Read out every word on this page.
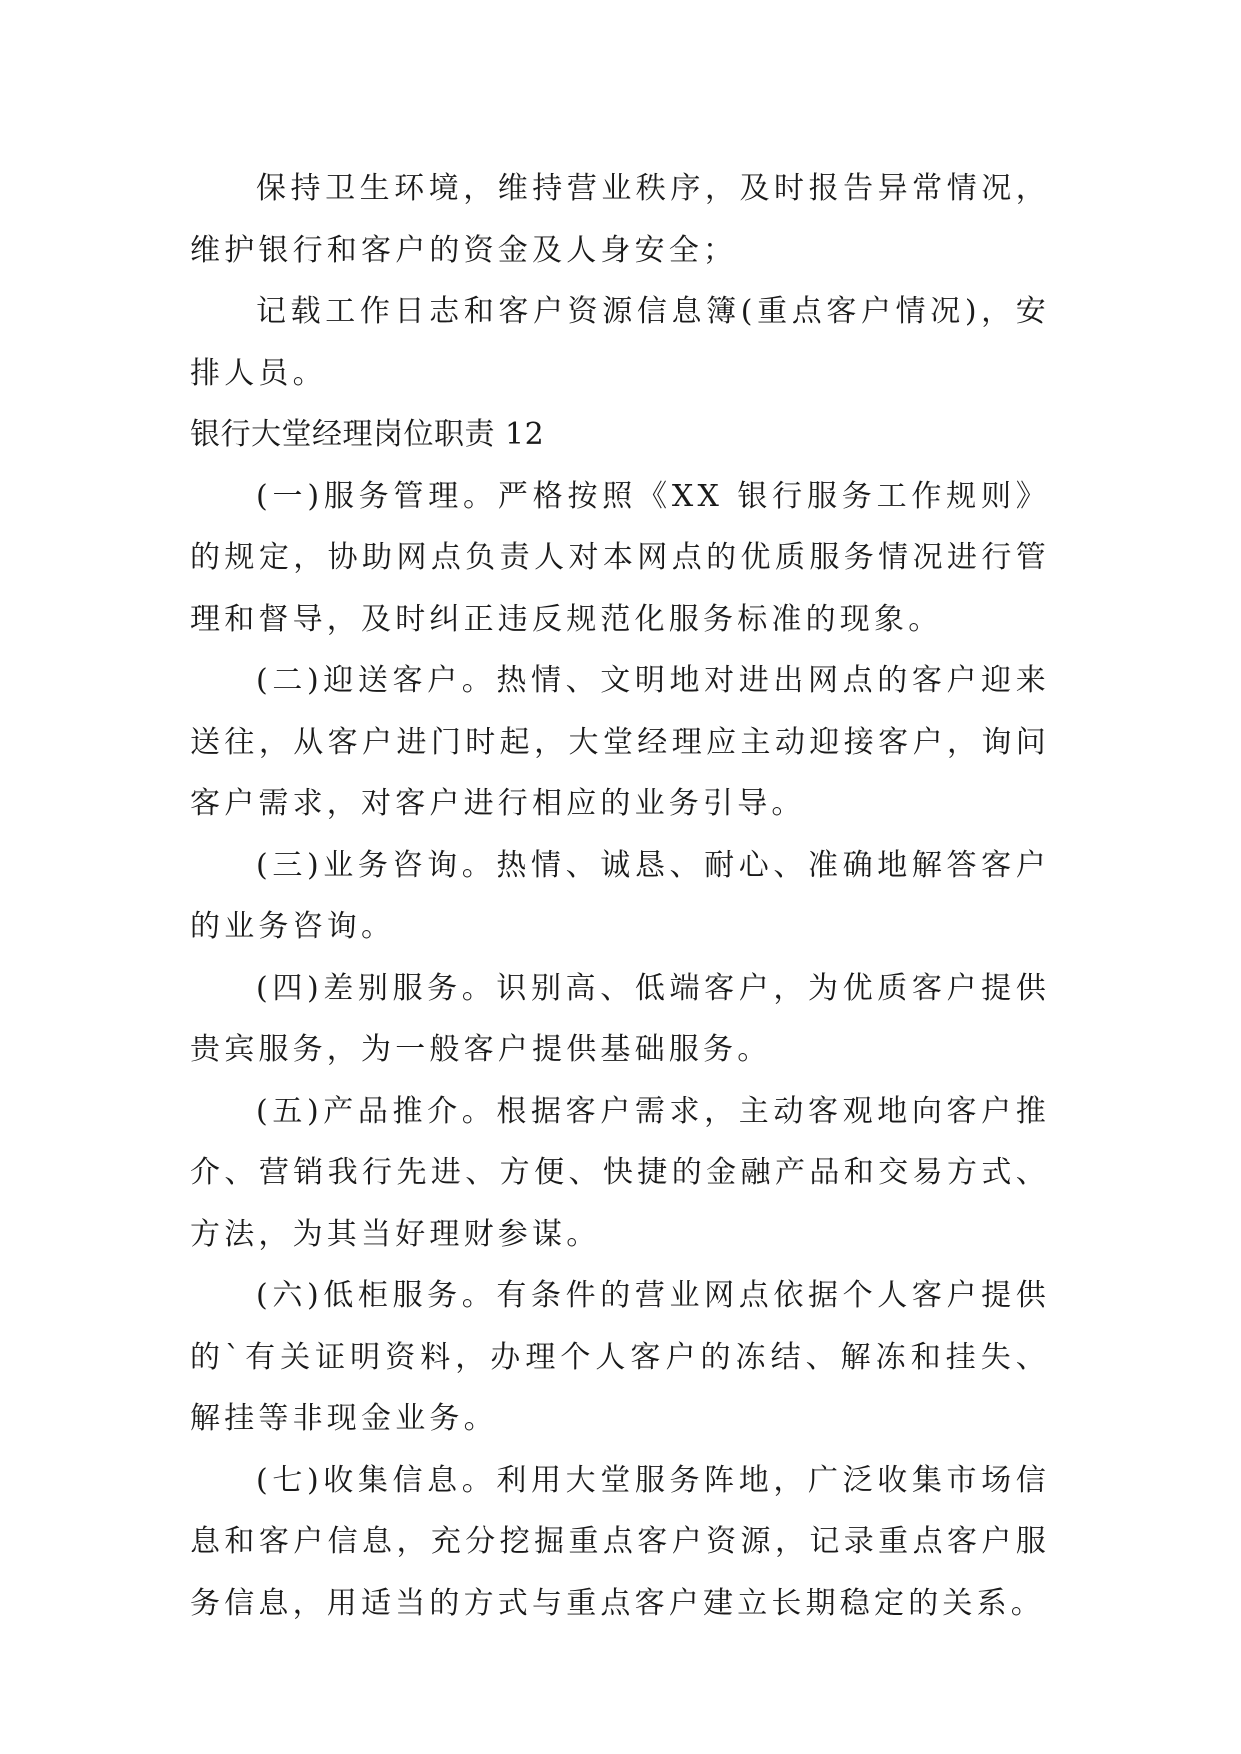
保持卫生环境，维持营业秩序，及时报告异常情况，维护银行和客户的资金及人身安全；

记载工作日志和客户资源信息簿(重点客户情况)，安排人员。

银行大堂经理岗位职责 12

(一)服务管理。严格按照《XX 银行服务工作规则》的规定，协助网点负责人对本网点的优质服务情况进行管理和督导，及时纠正违反规范化服务标准的现象。

(二)迎送客户。热情、文明地对进出网点的客户迎来送往，从客户进门时起，大堂经理应主动迎接客户，询问客户需求，对客户进行相应的业务引导。

(三)业务咨询。热情、诚恳、耐心、准确地解答客户的业务咨询。

(四)差别服务。识别高、低端客户，为优质客户提供贵宾服务，为一般客户提供基础服务。

(五)产品推介。根据客户需求，主动客观地向客户推介、营销我行先进、方便、快捷的金融产品和交易方式、方法，为其当好理财参谋。

(六)低柜服务。有条件的营业网点依据个人客户提供的`有关证明资料，办理个人客户的冻结、解冻和挂失、解挂等非现金业务。

(七)收集信息。利用大堂服务阵地，广泛收集市场信息和客户信息，充分挖掘重点客户资源，记录重点客户服务信息，用适当的方式与重点客户建立长期稳定的关系。
